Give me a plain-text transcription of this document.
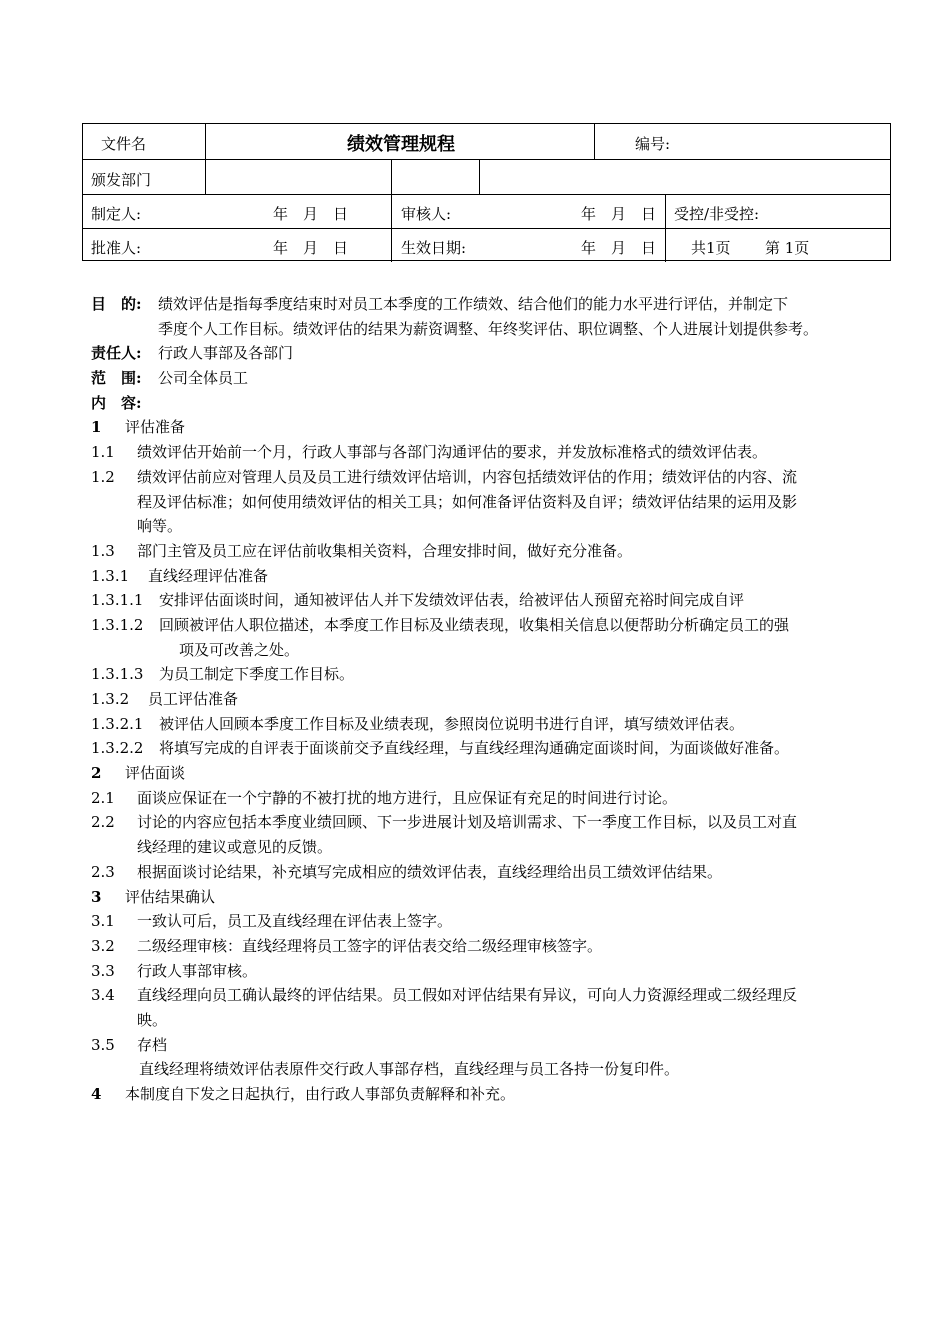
文件名	绩效管理规程	编号:
颁发部门
制定人:	年　月　日	审核人:	年　月　日 受控/非受控:
批准人:	年　月　日	生效日期:	年　月　日 共1页 第 1页
目　的: 绩效评估是指每季度结束时对员工本季度的工作绩效、结合他们的能力水平进行评估，并制定下
季度个人工作目标。绩效评估的结果为薪资调整、年终奖评估、职位调整、个人进展计划提供参考。
责任人: 行政人事部及各部门
范　围: 公司全体员工
内　容:
1 评估准备
1.1 绩效评估开始前一个月，行政人事部与各部门沟通评估的要求，并发放标准格式的绩效评估表。
1.2 绩效评估前应对管理人员及员工进行绩效评估培训，内容包括绩效评估的作用；绩效评估的内容、流
程及评估标准；如何使用绩效评估的相关工具；如何准备评估资料及自评；绩效评估结果的运用及影
响等。
1.3 部门主管及员工应在评估前收集相关资料，合理安排时间，做好充分准备。
1.3.1 直线经理评估准备
1.3.1.1 安排评估面谈时间，通知被评估人并下发绩效评估表，给被评估人预留充裕时间完成自评
1.3.1.2 回顾被评估人职位描述，本季度工作目标及业绩表现，收集相关信息以便帮助分析确定员工的强
项及可改善之处。
1.3.1.3 为员工制定下季度工作目标。
1.3.2 员工评估准备
1.3.2.1 被评估人回顾本季度工作目标及业绩表现，参照岗位说明书进行自评，填写绩效评估表。
1.3.2.2 将填写完成的自评表于面谈前交予直线经理，与直线经理沟通确定面谈时间，为面谈做好准备。
2 评估面谈
2.1 面谈应保证在一个宁静的不被打扰的地方进行，且应保证有充足的时间进行讨论。
2.2 讨论的内容应包括本季度业绩回顾、下一步进展计划及培训需求、下一季度工作目标，以及员工对直
线经理的建议或意见的反馈。
2.3 根据面谈讨论结果，补充填写完成相应的绩效评估表，直线经理给出员工绩效评估结果。
3 评估结果确认
3.1 一致认可后，员工及直线经理在评估表上签字。
3.2 二级经理审核：直线经理将员工签字的评估表交给二级经理审核签字。
3.3 行政人事部审核。
3.4 直线经理向员工确认最终的评估结果。员工假如对评估结果有异议，可向人力资源经理或二级经理反
映。
3.5 存档
直线经理将绩效评估表原件交行政人事部存档，直线经理与员工各持一份复印件。
4 本制度自下发之日起执行，由行政人事部负责解释和补充。
